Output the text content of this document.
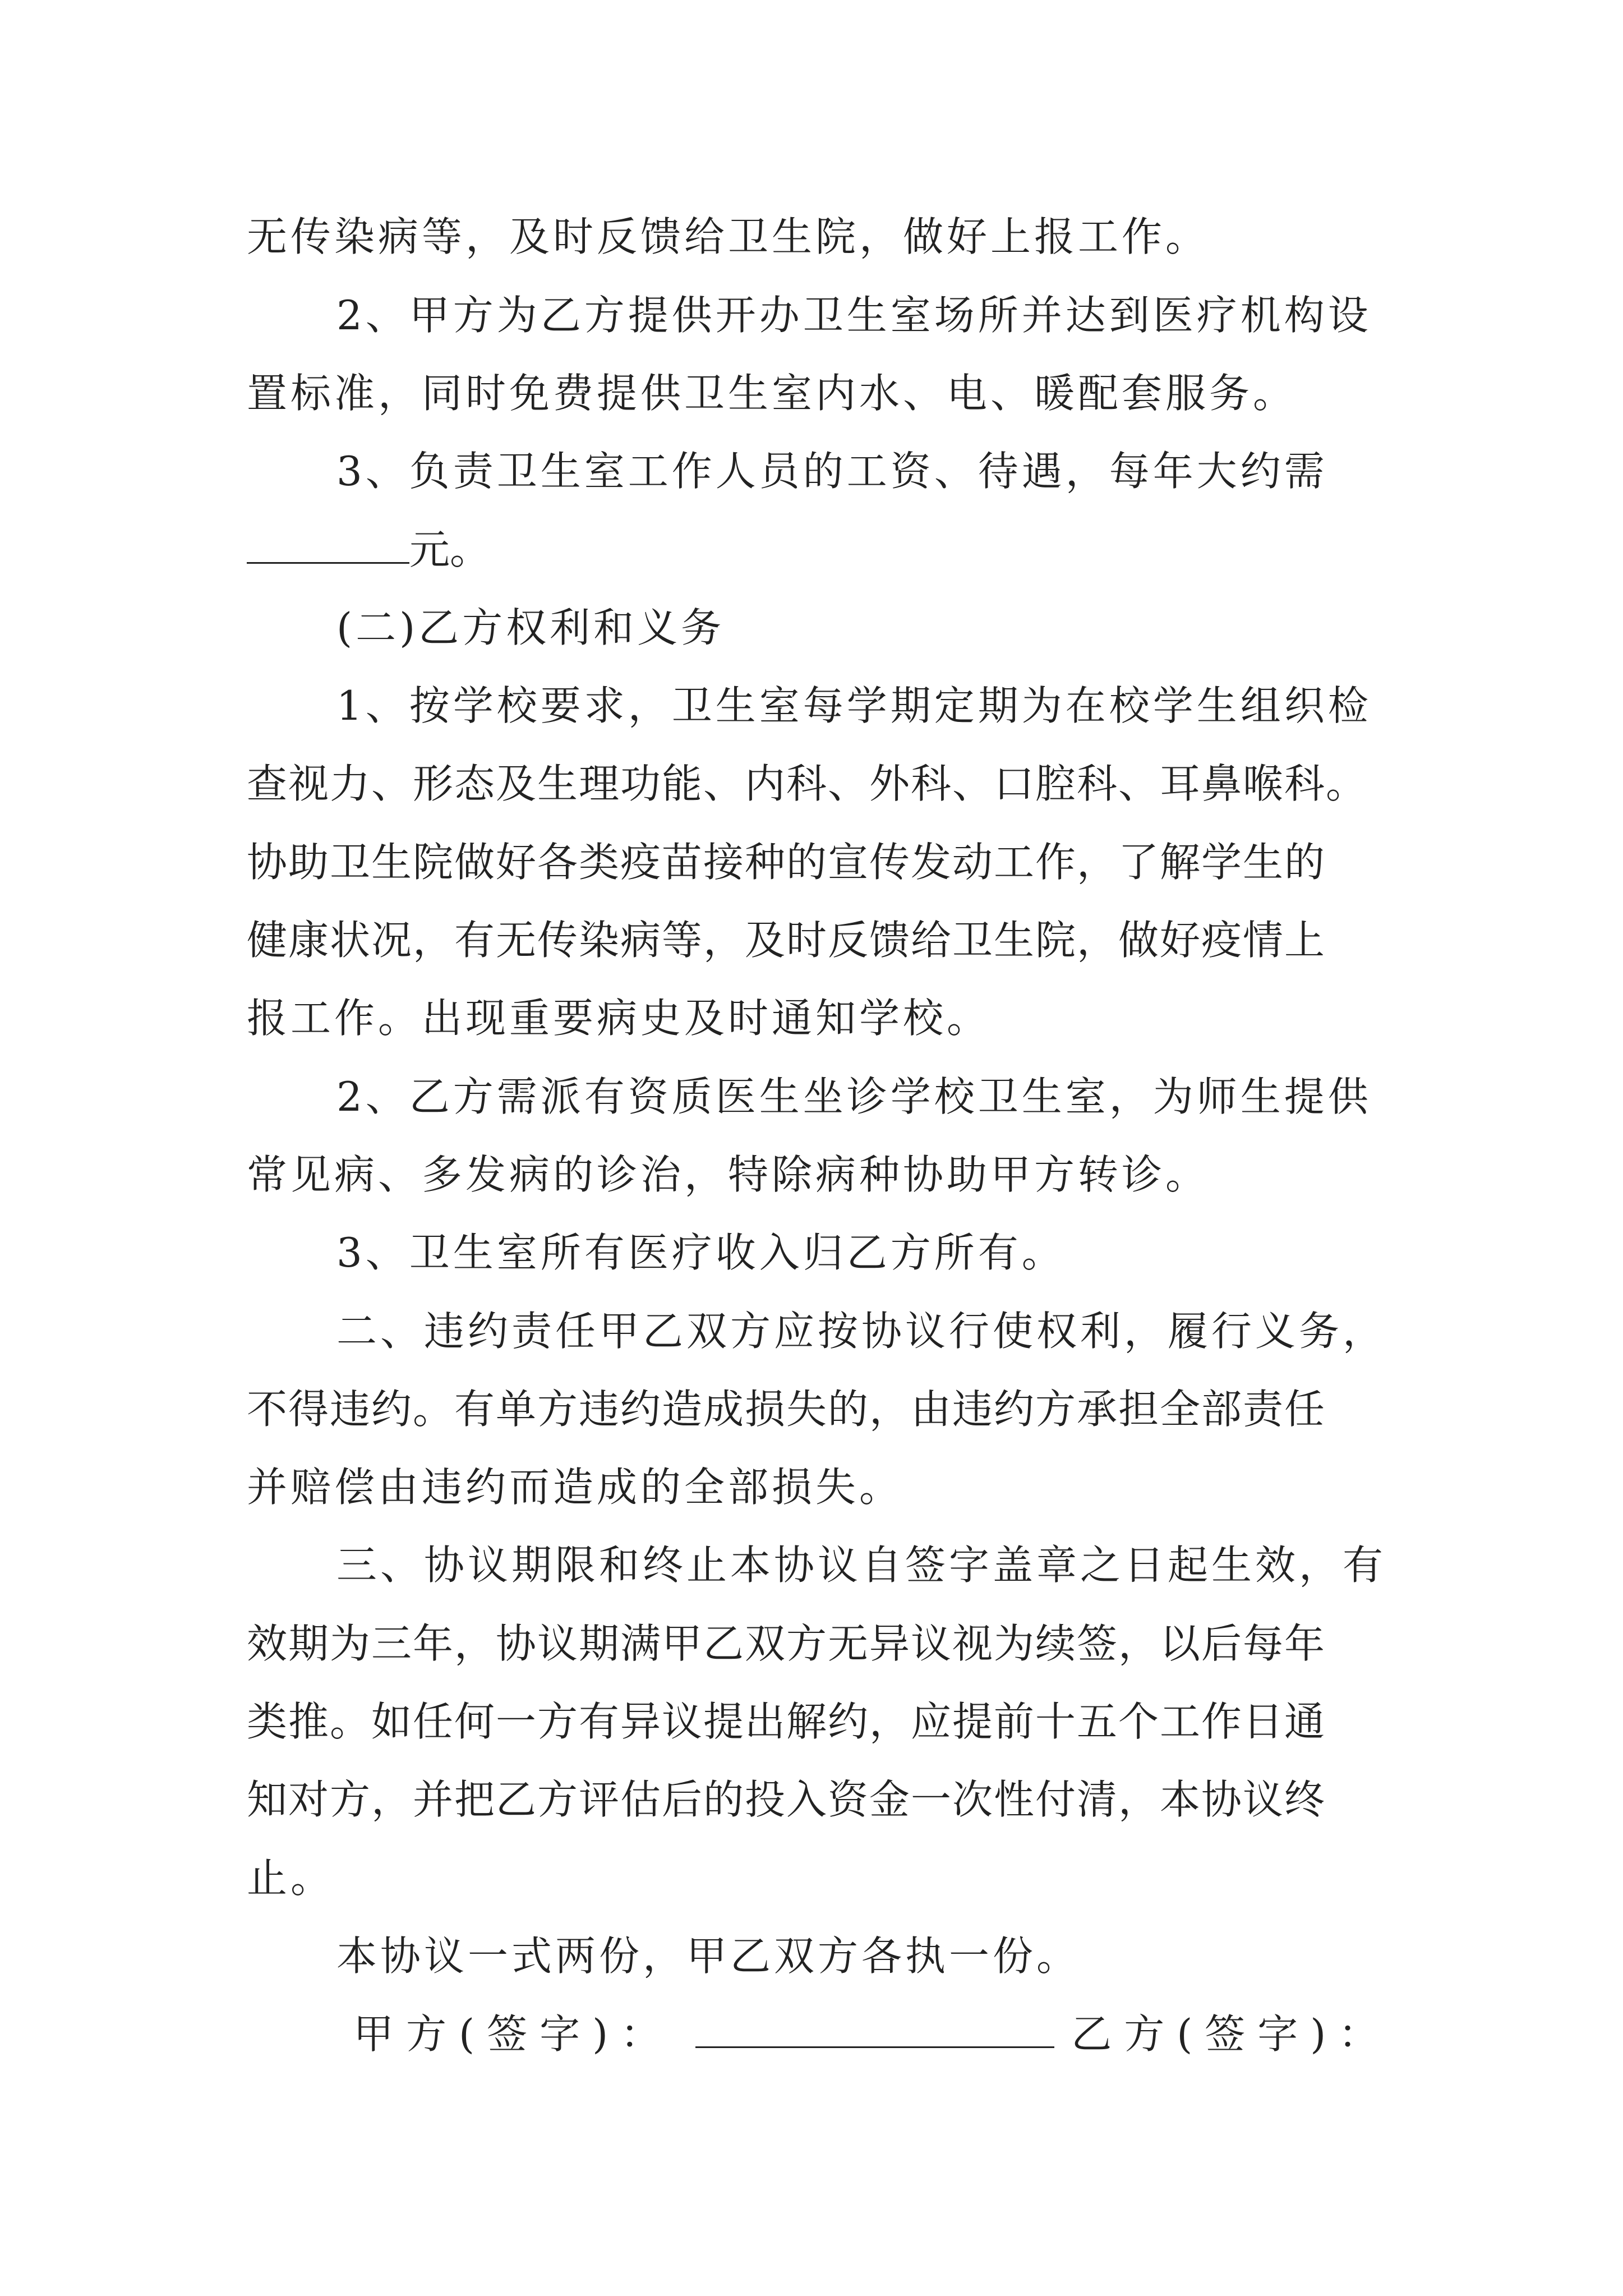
无传染病等，及时反馈给卫生院，做好上报工作。
2、甲方为乙方提供开办卫生室场所并达到医疗机构设
置标准，同时免费提供卫生室内水、电、暖配套服务。
3、负责卫生室工作人员的工资、待遇，每年大约需
元。
(二)乙方权利和义务
1、按学校要求，卫生室每学期定期为在校学生组织检
查视力、形态及生理功能、内科、外科、口腔科、耳鼻喉科。
协助卫生院做好各类疫苗接种的宣传发动工作，了解学生的
健康状况，有无传染病等，及时反馈给卫生院，做好疫情上
报工作。出现重要病史及时通知学校。
2、乙方需派有资质医生坐诊学校卫生室，为师生提供
常见病、多发病的诊治，特除病种协助甲方转诊。
3、卫生室所有医疗收入归乙方所有。
二、违约责任甲乙双方应按协议行使权利，履行义务，
不得违约。有单方违约造成损失的，由违约方承担全部责任
并赔偿由违约而造成的全部损失。
三、协议期限和终止本协议自签字盖章之日起生效，有
效期为三年，协议期满甲乙双方无异议视为续签，以后每年
类推。如任何一方有异议提出解约，应提前十五个工作日通
知对方，并把乙方评估后的投入资金一次性付清，本协议终
止。
本协议一式两份，甲乙双方各执一份。
甲方(签字)：	乙方(签字)：
